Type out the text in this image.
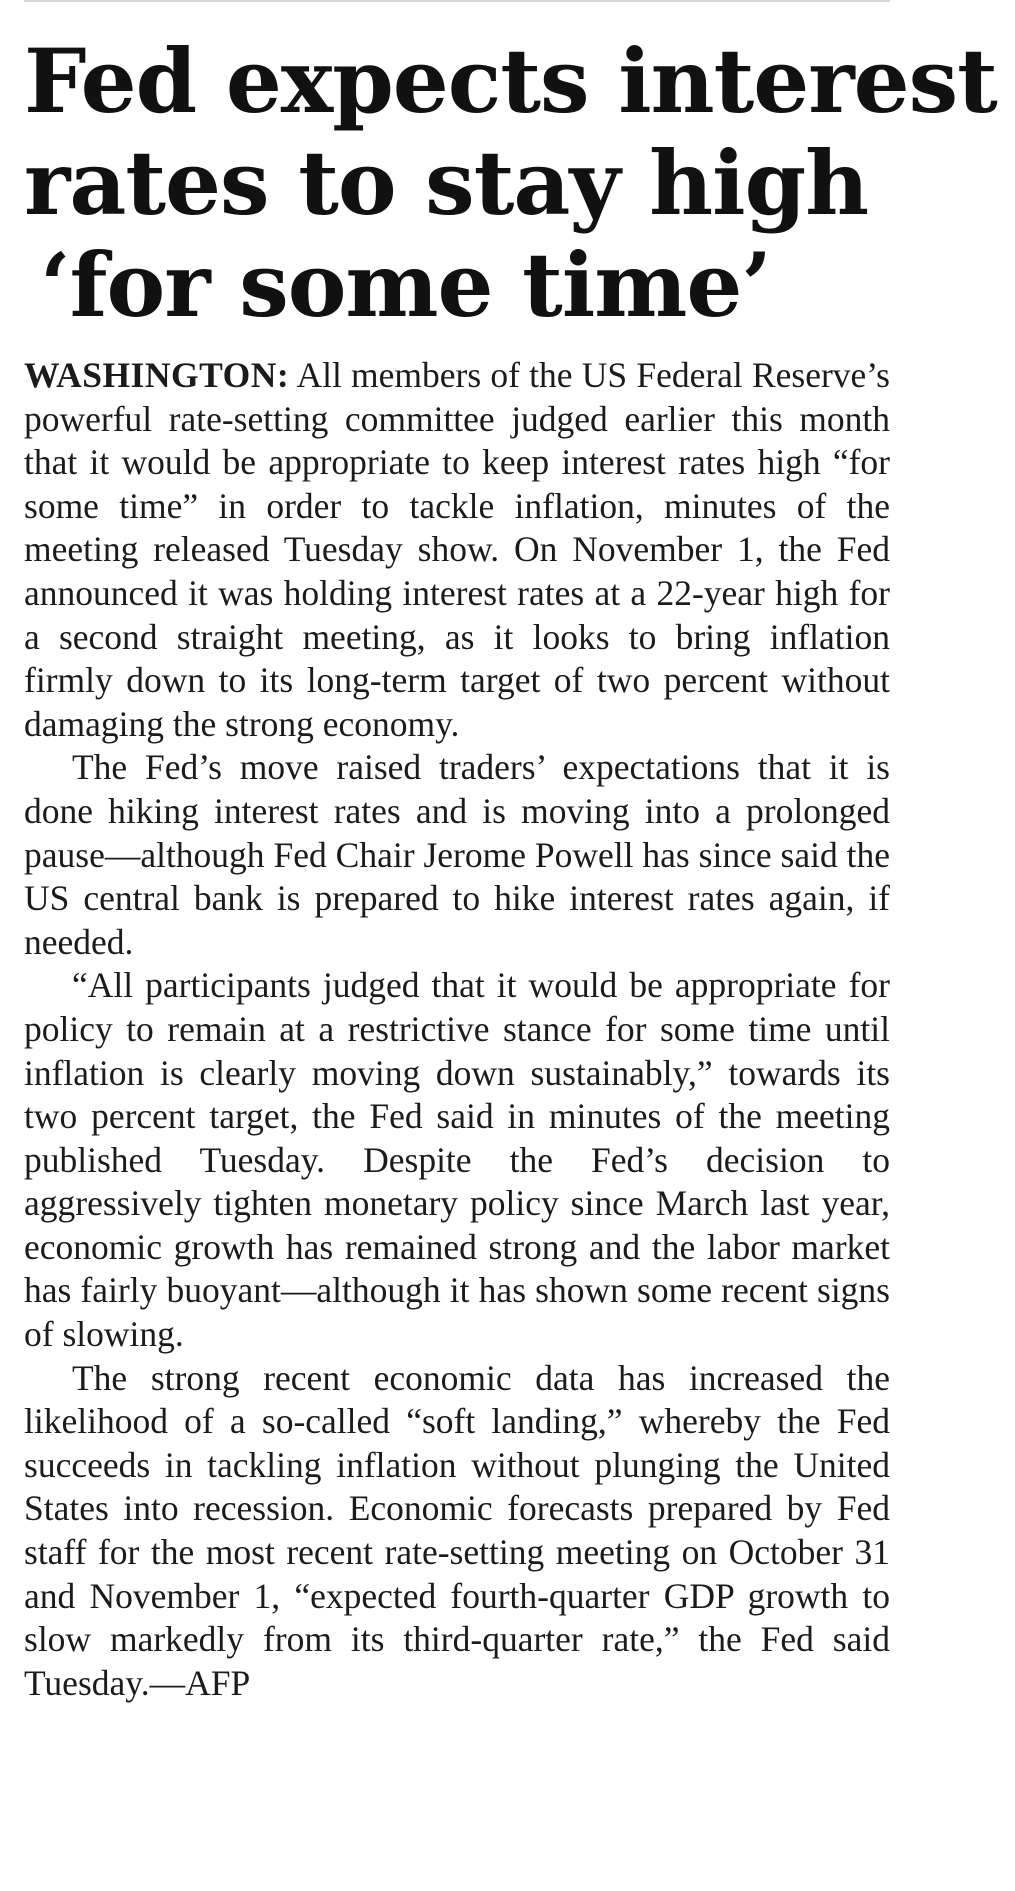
Fed expects interest
rates to stay high
‘for some time’

WASHINGTON: All members of the US Federal Reserve’s powerful rate-setting committee judged earlier this month that it would be appropriate to keep interest rates high “for some time” in order to tackle inflation, minutes of the meeting released Tuesday show. On November 1, the Fed announced it was holding interest rates at a 22-year high for a second straight meeting, as it looks to bring inflation firmly down to its long-term target of two percent without damaging the strong economy.

The Fed’s move raised traders’ expectations that it is done hiking interest rates and is moving into a prolonged pause—although Fed Chair Jerome Powell has since said the US central bank is prepared to hike interest rates again, if needed.

“All participants judged that it would be appropriate for policy to remain at a restrictive stance for some time until inflation is clearly moving down sustainably,” towards its two percent target, the Fed said in minutes of the meeting published Tuesday. Despite the Fed’s decision to aggressively tighten monetary policy since March last year, economic growth has remained strong and the labor market has fairly buoyant—although it has shown some recent signs of slowing.

The strong recent economic data has increased the likelihood of a so-called “soft landing,” whereby the Fed succeeds in tackling inflation without plunging the United States into recession. Economic forecasts prepared by Fed staff for the most recent rate-setting meeting on October 31 and November 1, “expected fourth-quarter GDP growth to slow markedly from its third-quarter rate,” the Fed said Tuesday.—AFP
